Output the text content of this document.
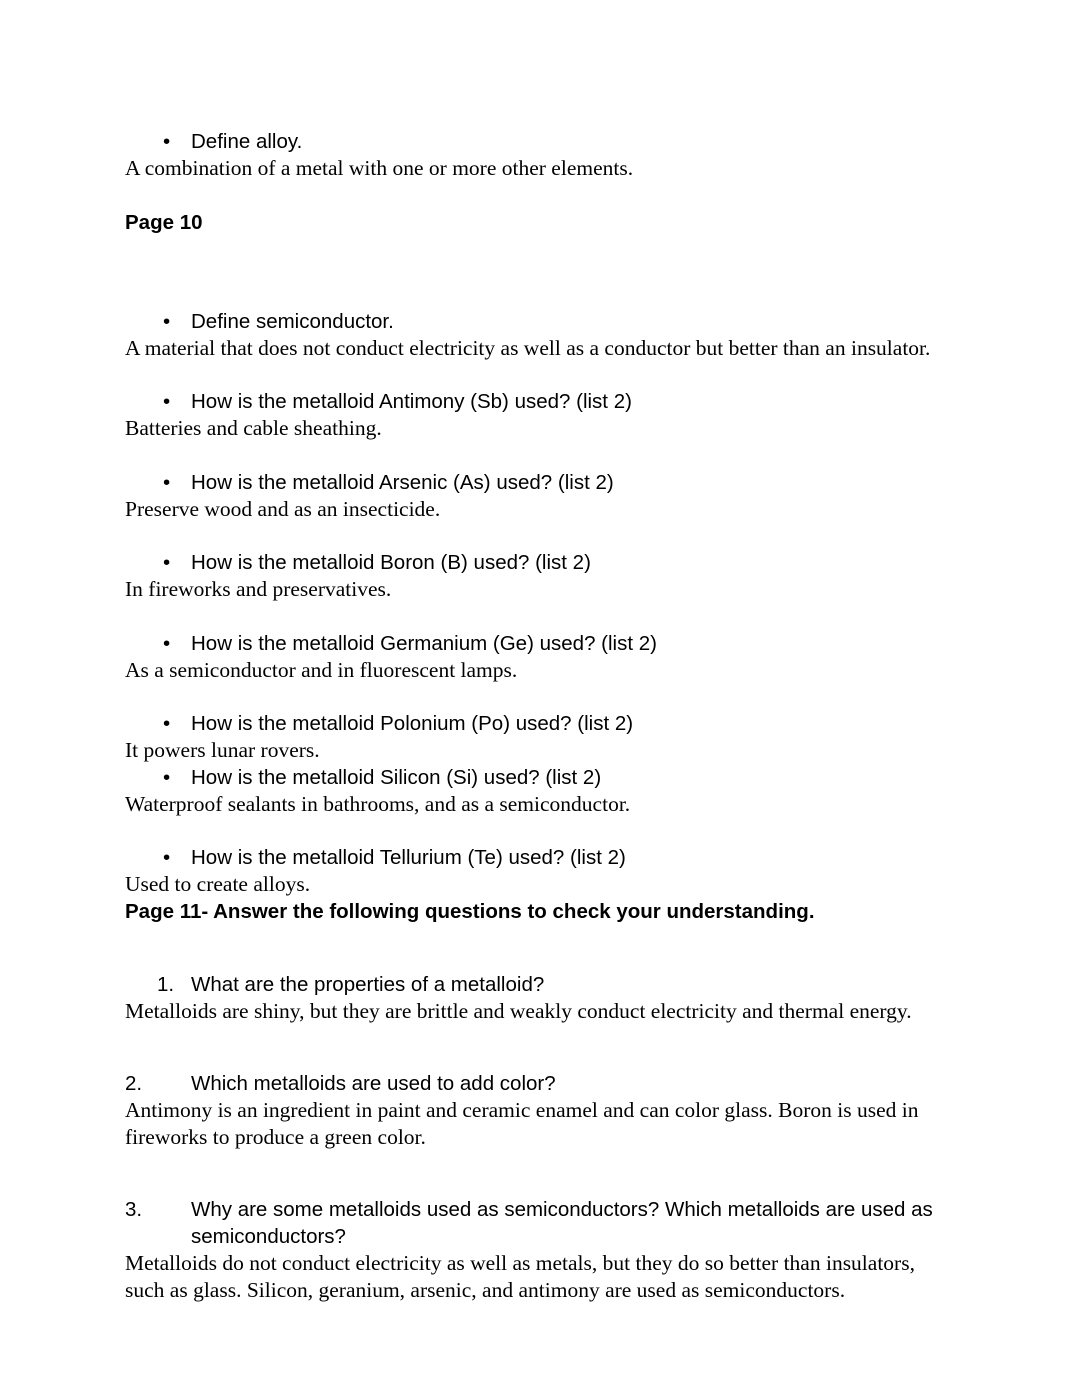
• Define alloy.

A combination of a metal with one or more other elements.

Page 10

• Define semiconductor.

A material that does not conduct electricity as well as a conductor but better than an insulator.

• How is the metalloid Antimony (Sb) used? (list 2)

Batteries and cable sheathing.

• How is the metalloid Arsenic (As) used? (list 2)

Preserve wood and as an insecticide.

• How is the metalloid Boron (B) used? (list 2)

In fireworks and preservatives.

• How is the metalloid Germanium (Ge) used? (list 2)

As a semiconductor and in fluorescent lamps.

• How is the metalloid Polonium (Po) used? (list 2)

It powers lunar rovers.

• How is the metalloid Silicon (Si) used? (list 2)

Waterproof sealants in bathrooms, and as a semiconductor.

• How is the metalloid Tellurium (Te) used? (list 2)

Used to create alloys.

Page 11- Answer the following questions to check your understanding.

1. What are the properties of a metalloid?

Metalloids are shiny, but they are brittle and weakly conduct electricity and thermal energy.

2. Which metalloids are used to add color?

Antimony is an ingredient in paint and ceramic enamel and can color glass. Boron is used in fireworks to produce a green color.

3. Why are some metalloids used as semiconductors? Which metalloids are used as semiconductors?

Metalloids do not conduct electricity as well as metals, but they do so better than insulators, such as glass. Silicon, geranium, arsenic, and antimony are used as semiconductors.
